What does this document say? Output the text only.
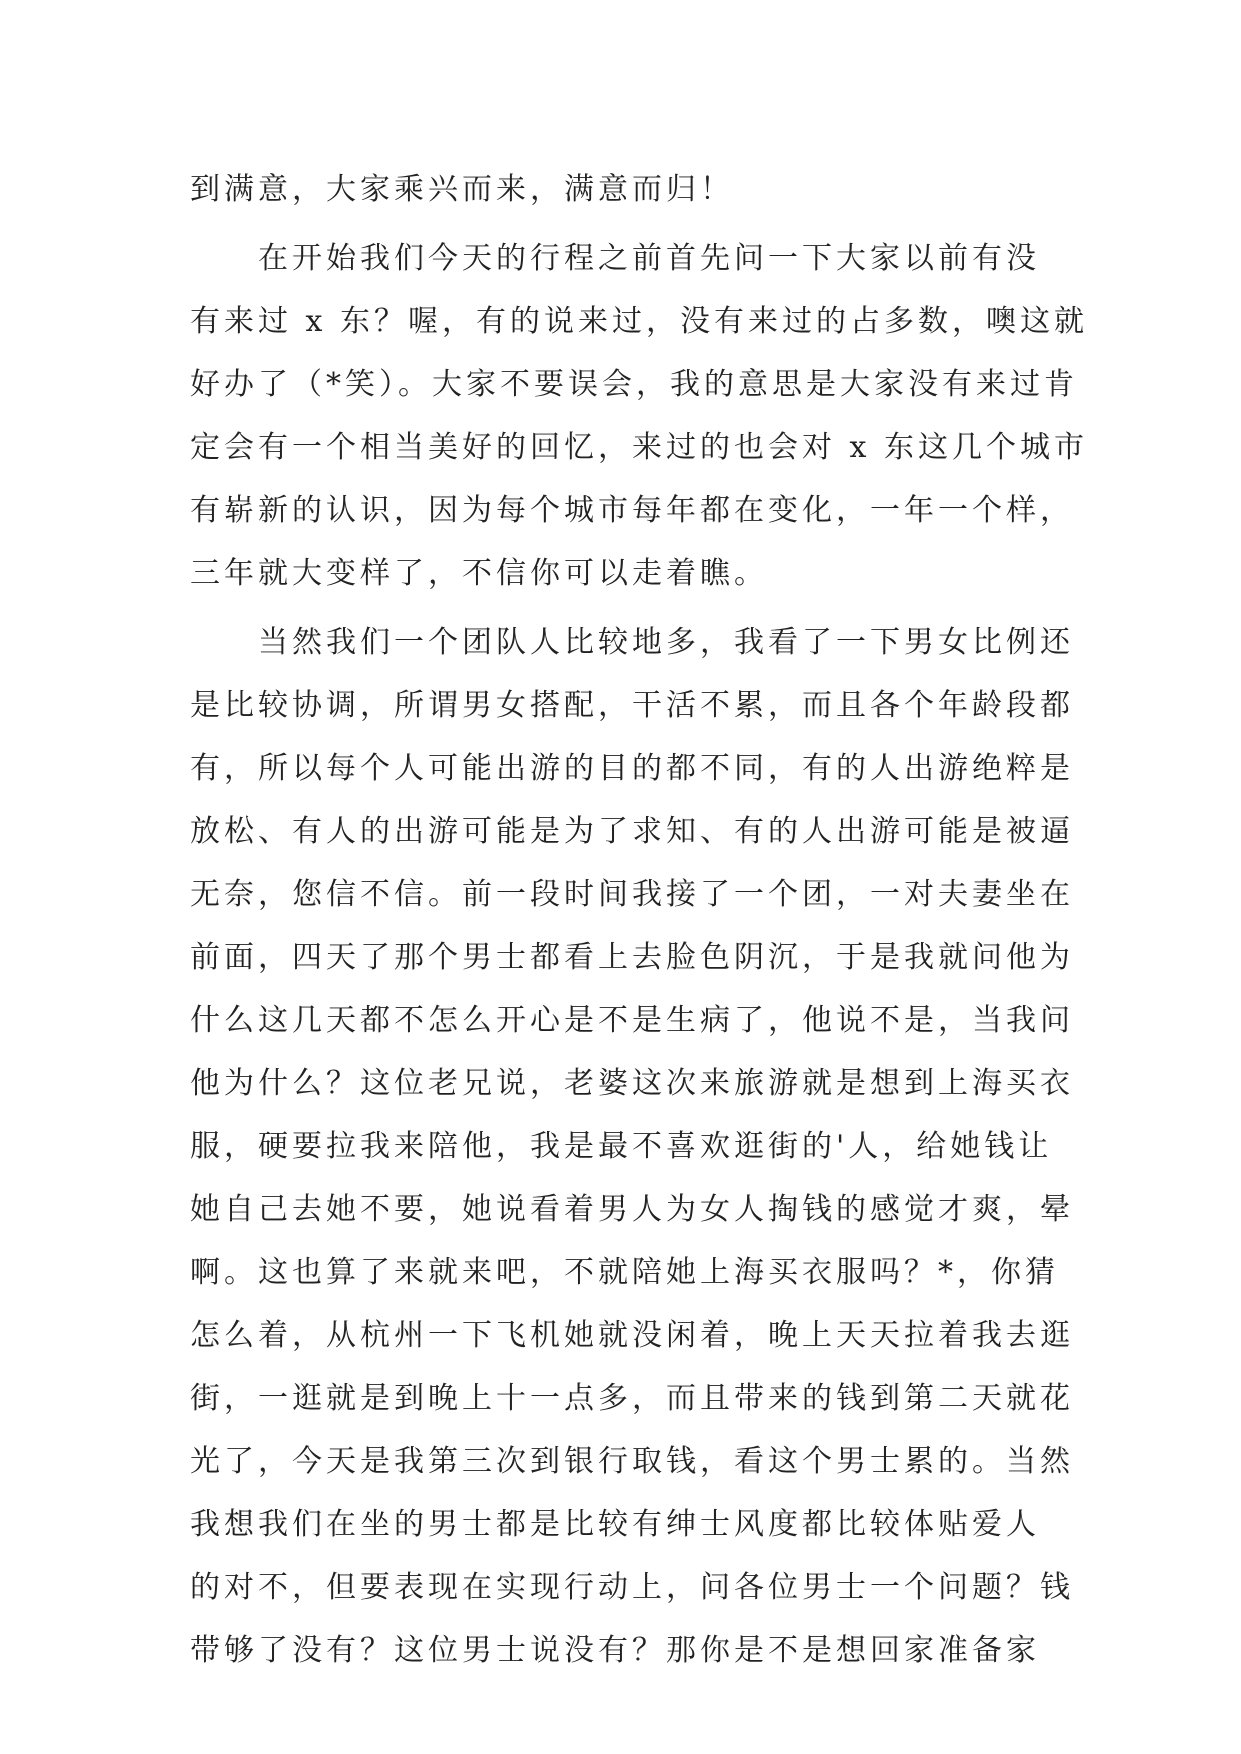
到满意，大家乘兴而来，满意而归！
　　在开始我们今天的行程之前首先问一下大家以前有没
有来过 x 东？喔，有的说来过，没有来过的占多数，噢这就
好办了（*笑）。大家不要误会，我的意思是大家没有来过肯
定会有一个相当美好的回忆，来过的也会对 x 东这几个城市
有崭新的认识，因为每个城市每年都在变化，一年一个样，
三年就大变样了，不信你可以走着瞧。
　　当然我们一个团队人比较地多，我看了一下男女比例还
是比较协调，所谓男女搭配，干活不累，而且各个年龄段都
有，所以每个人可能出游的目的都不同，有的人出游绝粹是
放松、有人的出游可能是为了求知、有的人出游可能是被逼
无奈，您信不信。前一段时间我接了一个团，一对夫妻坐在
前面，四天了那个男士都看上去脸色阴沉，于是我就问他为
什么这几天都不怎么开心是不是生病了，他说不是，当我问
他为什么？这位老兄说，老婆这次来旅游就是想到上海买衣
服，硬要拉我来陪他，我是最不喜欢逛街的'人，给她钱让
她自己去她不要，她说看着男人为女人掏钱的感觉才爽，晕
啊。这也算了来就来吧，不就陪她上海买衣服吗？*，你猜
怎么着，从杭州一下飞机她就没闲着，晚上天天拉着我去逛
街，一逛就是到晚上十一点多，而且带来的钱到第二天就花
光了，今天是我第三次到银行取钱，看这个男士累的。当然
我想我们在坐的男士都是比较有绅士风度都比较体贴爱人
的对不，但要表现在实现行动上，问各位男士一个问题？钱
带够了没有？这位男士说没有？那你是不是想回家准备家
